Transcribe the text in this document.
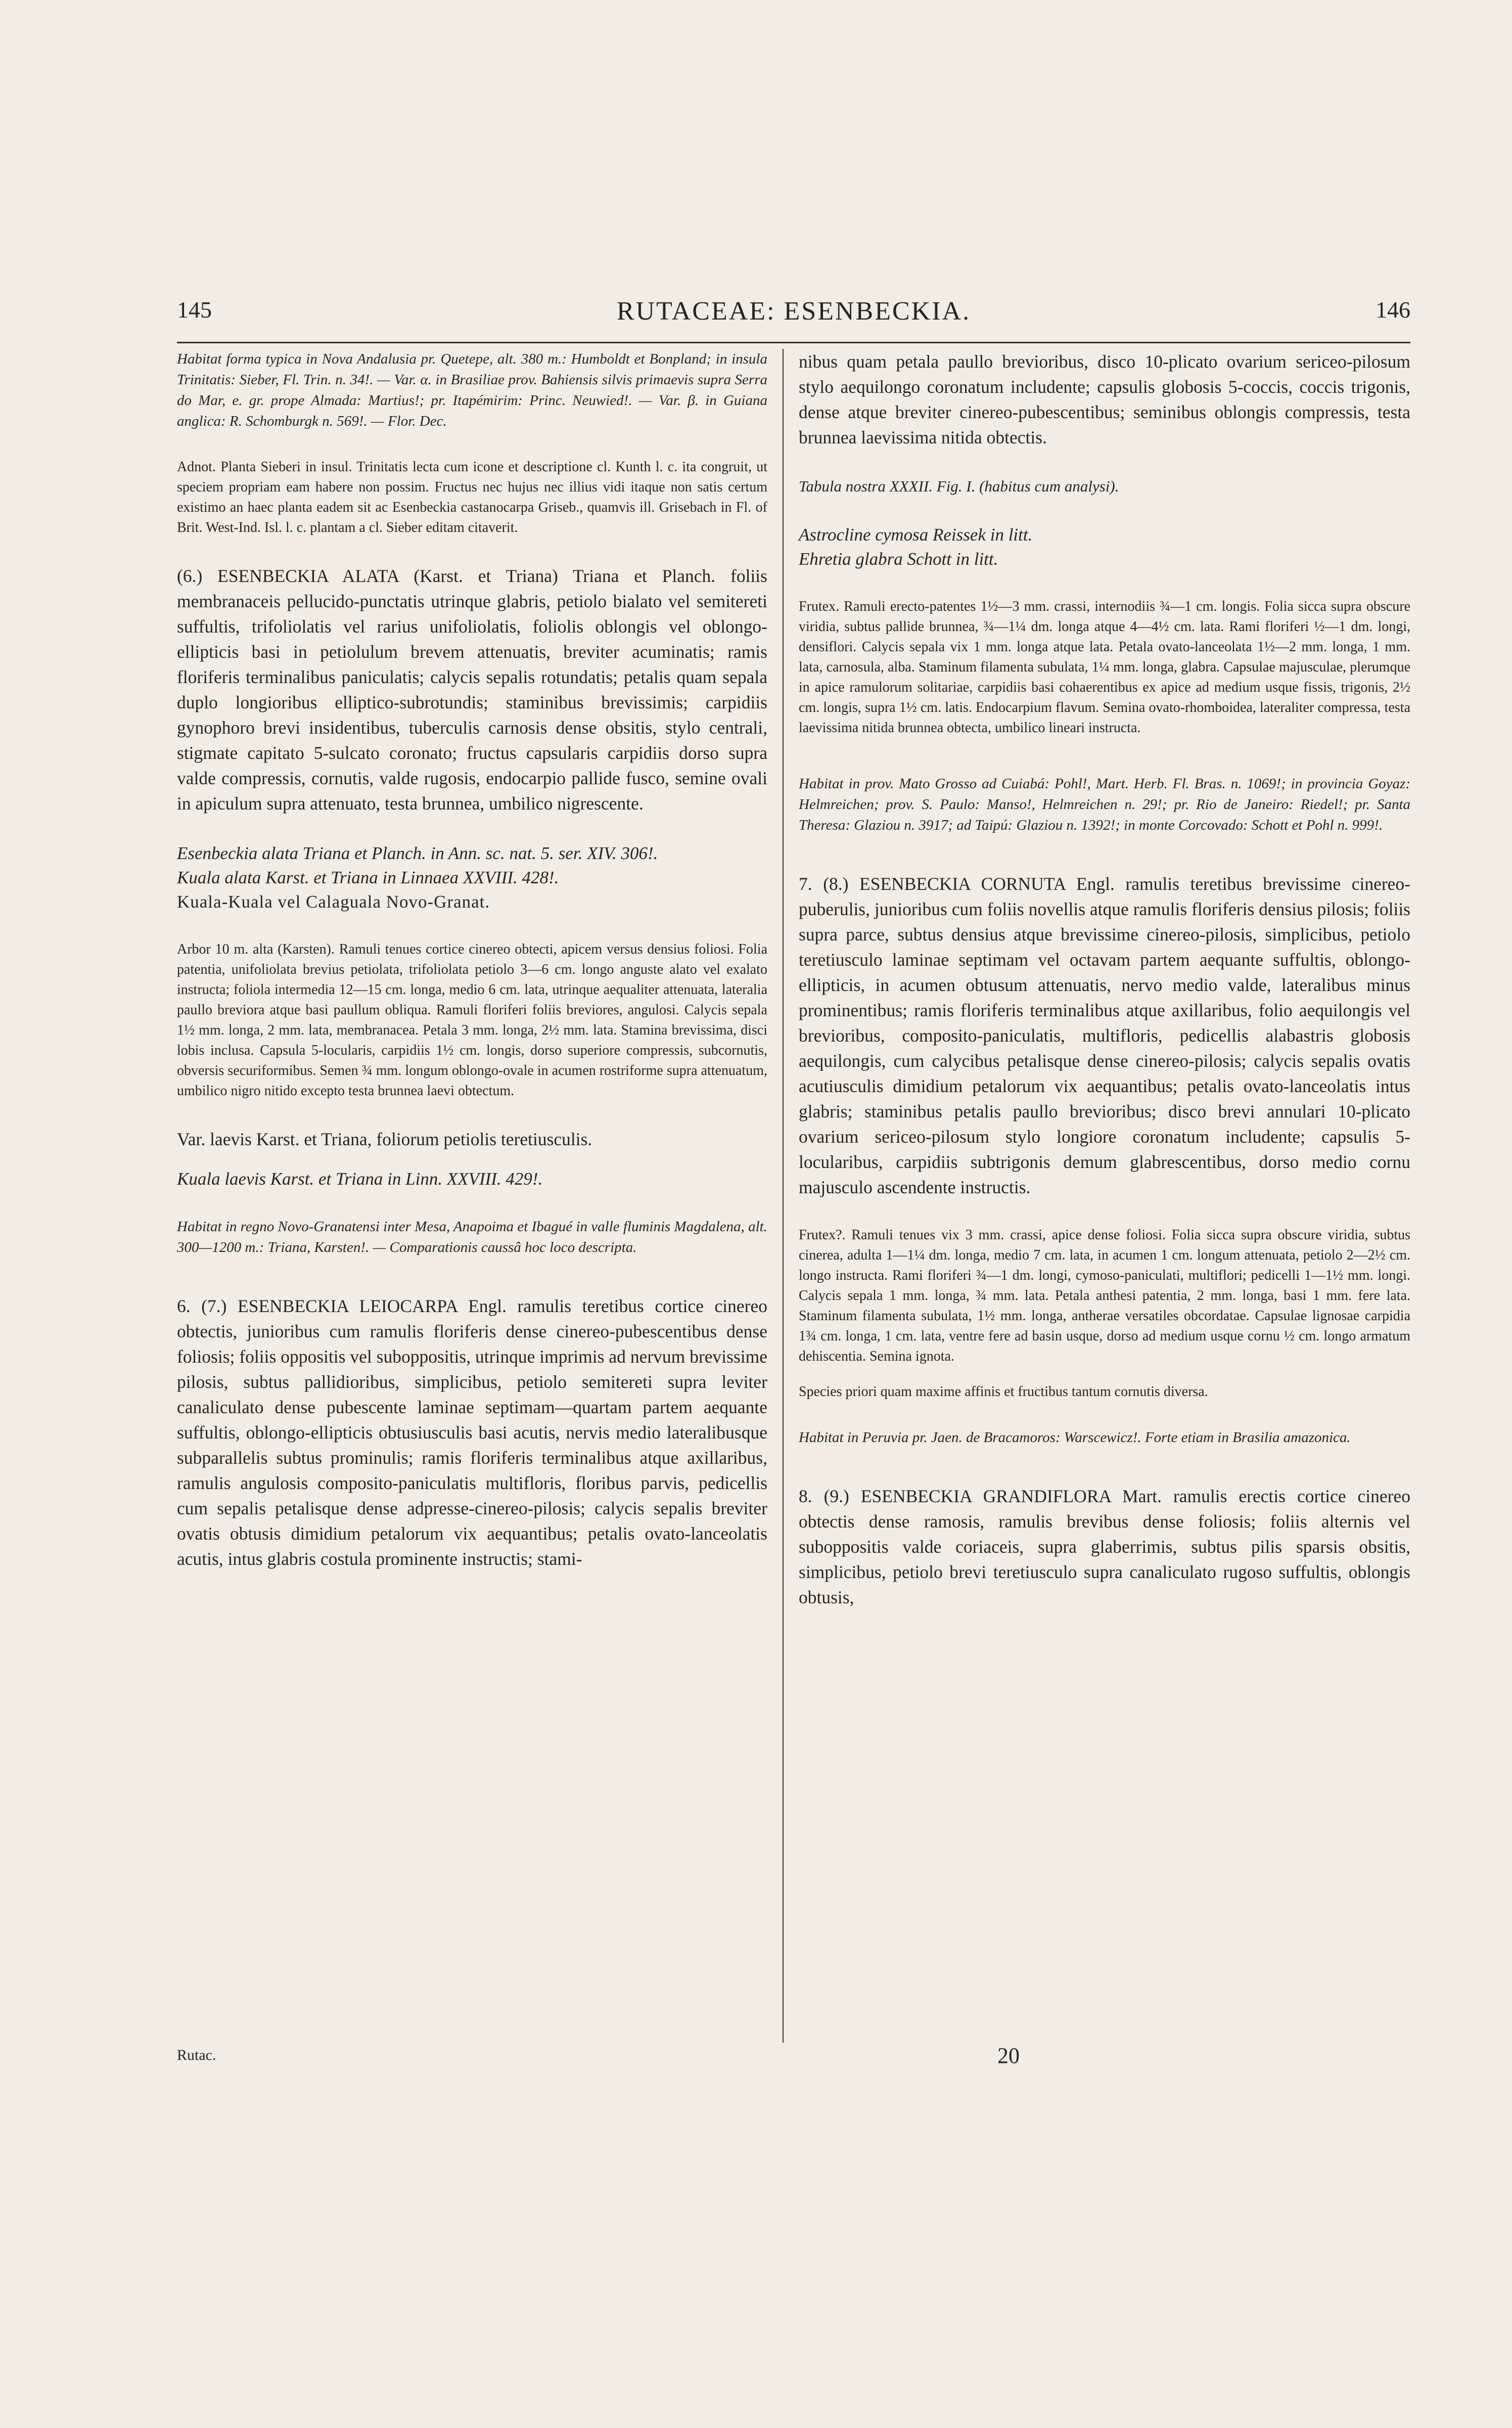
145	RUTACEAE: ESENBECKIA.	146

Habitat forma typica in Nova Andalusia pr. Quetepe, alt. 380 m.: Humboldt et Bonpland; in insula Trinitatis: Sieber, Fl. Trin. n. 34!. — Var. α. in Brasiliae prov. Bahiensis silvis primaevis supra Serra do Mar, e. gr. prope Almada: Martius!; pr. Itapémirim: Princ. Neuwied!. — Var. β. in Guiana anglica: R. Schomburgk n. 569!. — Flor. Dec.

Adnot. Planta Sieberi in insul. Trinitatis lecta cum icone et descriptione cl. Kunth l. c. ita congruit, ut speciem propriam eam habere non possim. Fructus nec hujus nec illius vidi itaque non satis certum existimo an haec planta eadem sit ac Esenbeckia castanocarpa Griseb., quamvis ill. Grisebach in Fl. of Brit. West-Ind. Isl. l. c. plantam a cl. Sieber editam citaverit.

(6.) ESENBECKIA ALATA (Karst. et Triana) Triana et Planch. foliis membranaceis pellucido-punctatis utrinque glabris, petiolo bialato vel semitereti suffultis, trifoliolatis vel rarius unifoliolatis, foliolis oblongis vel oblongo-ellipticis basi in petiolulum brevem attenuatis, breviter acuminatis; ramis floriferis terminalibus paniculatis; calycis sepalis rotundatis; petalis quam sepala duplo longioribus elliptico-subrotundis; staminibus brevissimis; carpidiis gynophoro brevi insidentibus, tuberculis carnosis dense obsitis, stylo centrali, stigmate capitato 5-sulcato coronato; fructus capsularis carpidiis dorso supra valde compressis, cornutis, valde rugosis, endocarpio pallide fusco, semine ovali in apiculum supra attenuato, testa brunnea, umbilico nigrescente.

Esenbeckia alata Triana et Planch. in Ann. sc. nat. 5. ser. XIV. 306!.

Kuala alata Karst. et Triana in Linnaea XXVIII. 428!.

Kuala-Kuala vel Calaguala Novo-Granat.

Arbor 10 m. alta (Karsten). Ramuli tenues cortice cinereo obtecti, apicem versus densius foliosi. Folia patentia, unifoliolata brevius petiolata, trifoliolata petiolo 3—6 cm. longo anguste alato vel exalato instructa; foliola intermedia 12—15 cm. longa, medio 6 cm. lata, utrinque aequaliter attenuata, lateralia paullo breviora atque basi paullum obliqua. Ramuli floriferi foliis breviores, angulosi. Calycis sepala 1½ mm. longa, 2 mm. lata, membranacea. Petala 3 mm. longa, 2½ mm. lata. Stamina brevissima, disci lobis inclusa. Capsula 5-locularis, carpidiis 1½ cm. longis, dorso superiore compressis, subcornutis, obversis securiformibus. Semen ¾ mm. longum oblongo-ovale in acumen rostriforme supra attenuatum, umbilico nigro nitido excepto testa brunnea laevi obtectum.

Var. laevis Karst. et Triana, foliorum petiolis teretiusculis.

Kuala laevis Karst. et Triana in Linn. XXVIII. 429!.

Habitat in regno Novo-Granatensi inter Mesa, Anapoima et Ibagué in valle fluminis Magdalena, alt. 300—1200 m.: Triana, Karsten!. — Comparationis caussâ hoc loco descripta.

6. (7.) ESENBECKIA LEIOCARPA Engl. ramulis teretibus cortice cinereo obtectis, junioribus cum ramulis floriferis dense cinereo-pubescentibus dense foliosis; foliis oppositis vel suboppositis, utrinque imprimis ad nervum brevissime pilosis, subtus pallidioribus, simplicibus, petiolo semitereti supra leviter canaliculato dense pubescente laminae septimam—quartam partem aequante suffultis, oblongo-ellipticis obtusiusculis basi acutis, nervis medio lateralibusque subparallelis subtus prominulis; ramis floriferis terminalibus atque axillaribus, ramulis angulosis composito-paniculatis multifloris, floribus parvis, pedicellis cum sepalis petalisque dense adpresse-cinereo-pilosis; calycis sepalis breviter ovatis obtusis dimidium petalorum vix aequantibus; petalis ovato-lanceolatis acutis, intus glabris costula prominente instructis; stami-

nibus quam petala paullo brevioribus, disco 10-plicato ovarium sericeo-pilosum stylo aequilongo coronatum includente; capsulis globosis 5-coccis, coccis trigonis, dense atque breviter cinereo-pubescentibus; seminibus oblongis compressis, testa brunnea laevissima nitida obtectis.

Tabula nostra XXXII. Fig. I. (habitus cum analysi).

Astrocline cymosa Reissek in litt.

Ehretia glabra Schott in litt.

Frutex. Ramuli erecto-patentes 1½—3 mm. crassi, internodiis ¾—1 cm. longis. Folia sicca supra obscure viridia, subtus pallide brunnea, ¾—1¼ dm. longa atque 4—4½ cm. lata. Rami floriferi ½—1 dm. longi, densiflori. Calycis sepala vix 1 mm. longa atque lata. Petala ovato-lanceolata 1½—2 mm. longa, 1 mm. lata, carnosula, alba. Staminum filamenta subulata, 1¼ mm. longa, glabra. Capsulae majusculae, plerumque in apice ramulorum solitariae, carpidiis basi cohaerentibus ex apice ad medium usque fissis, trigonis, 2½ cm. longis, supra 1½ cm. latis. Endocarpium flavum. Semina ovato-rhomboidea, lateraliter compressa, testa laevissima nitida brunnea obtecta, umbilico lineari instructa.

Habitat in prov. Mato Grosso ad Cuiabá: Pohl!, Mart. Herb. Fl. Bras. n. 1069!; in provincia Goyaz: Helmreichen; prov. S. Paulo: Manso!, Helmreichen n. 29!; pr. Rio de Janeiro: Riedel!; pr. Santa Theresa: Glaziou n. 3917; ad Taipú: Glaziou n. 1392!; in monte Corcovado: Schott et Pohl n. 999!.

7. (8.) ESENBECKIA CORNUTA Engl. ramulis teretibus brevissime cinereo-puberulis, junioribus cum foliis novellis atque ramulis floriferis densius pilosis; foliis supra parce, subtus densius atque brevissime cinereo-pilosis, simplicibus, petiolo teretiusculo laminae septimam vel octavam partem aequante suffultis, oblongo-ellipticis, in acumen obtusum attenuatis, nervo medio valde, lateralibus minus prominentibus; ramis floriferis terminalibus atque axillaribus, folio aequilongis vel brevioribus, composito-paniculatis, multifloris, pedicellis alabastris globosis aequilongis, cum calycibus petalisque dense cinereo-pilosis; calycis sepalis ovatis acutiusculis dimidium petalorum vix aequantibus; petalis ovato-lanceolatis intus glabris; staminibus petalis paullo brevioribus; disco brevi annulari 10-plicato ovarium sericeo-pilosum stylo longiore coronatum includente; capsulis 5-locularibus, carpidiis subtrigonis demum glabrescentibus, dorso medio cornu majusculo ascendente instructis.

Frutex?. Ramuli tenues vix 3 mm. crassi, apice dense foliosi. Folia sicca supra obscure viridia, subtus cinerea, adulta 1—1¼ dm. longa, medio 7 cm. lata, in acumen 1 cm. longum attenuata, petiolo 2—2½ cm. longo instructa. Rami floriferi ¾—1 dm. longi, cymoso-paniculati, multiflori; pedicelli 1—1½ mm. longi. Calycis sepala 1 mm. longa, ¾ mm. lata. Petala anthesi patentia, 2 mm. longa, basi 1 mm. fere lata. Staminum filamenta subulata, 1½ mm. longa, antherae versatiles obcordatae. Capsulae lignosae carpidia 1¾ cm. longa, 1 cm. lata, ventre fere ad basin usque, dorso ad medium usque cornu ½ cm. longo armatum dehiscentia. Semina ignota.

Species priori quam maxime affinis et fructibus tantum cornutis diversa.

Habitat in Peruvia pr. Jaen. de Bracamoros: Warscewicz!. Forte etiam in Brasilia amazonica.

8. (9.) ESENBECKIA GRANDIFLORA Mart. ramulis erectis cortice cinereo obtectis dense ramosis, ramulis brevibus dense foliosis; foliis alternis vel suboppositis valde coriaceis, supra glaberrimis, subtus pilis sparsis obsitis, simplicibus, petiolo brevi teretiusculo supra canaliculato rugoso suffultis, oblongis obtusis,

Rutac.	20
